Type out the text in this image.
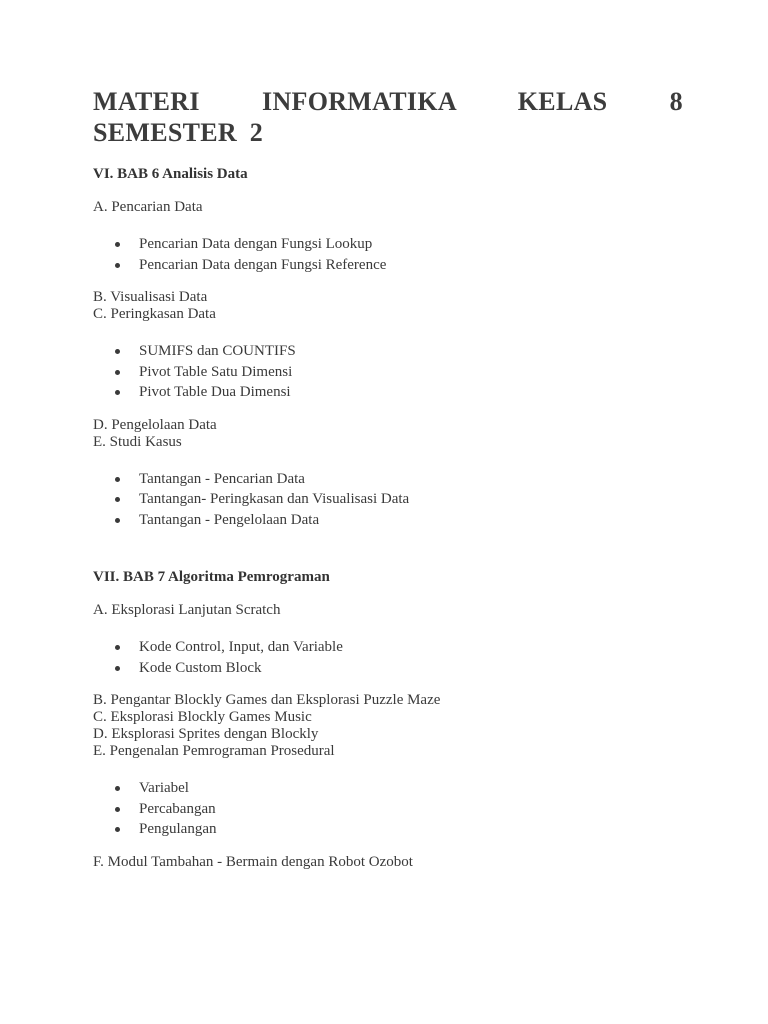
MATERI INFORMATIKA KELAS 8 SEMESTER 2

VI. BAB 6 Analisis Data

A. Pencarian Data

Pencarian Data dengan Fungsi Lookup
Pencarian Data dengan Fungsi Reference

B. Visualisasi Data

C. Peringkasan Data

SUMIFS dan COUNTIFS
Pivot Table Satu Dimensi
Pivot Table Dua Dimensi

D. Pengelolaan Data

E. Studi Kasus

Tantangan - Pencarian Data
Tantangan- Peringkasan dan Visualisasi Data
Tantangan - Pengelolaan Data

VII. BAB 7 Algoritma Pemrograman

A. Eksplorasi Lanjutan Scratch

Kode Control, Input, dan Variable
Kode Custom Block

B. Pengantar Blockly Games dan Eksplorasi Puzzle Maze

C. Eksplorasi Blockly Games Music

D. Eksplorasi Sprites dengan Blockly

E. Pengenalan Pemrograman Prosedural

Variabel
Percabangan
Pengulangan

F. Modul Tambahan - Bermain dengan Robot Ozobot
